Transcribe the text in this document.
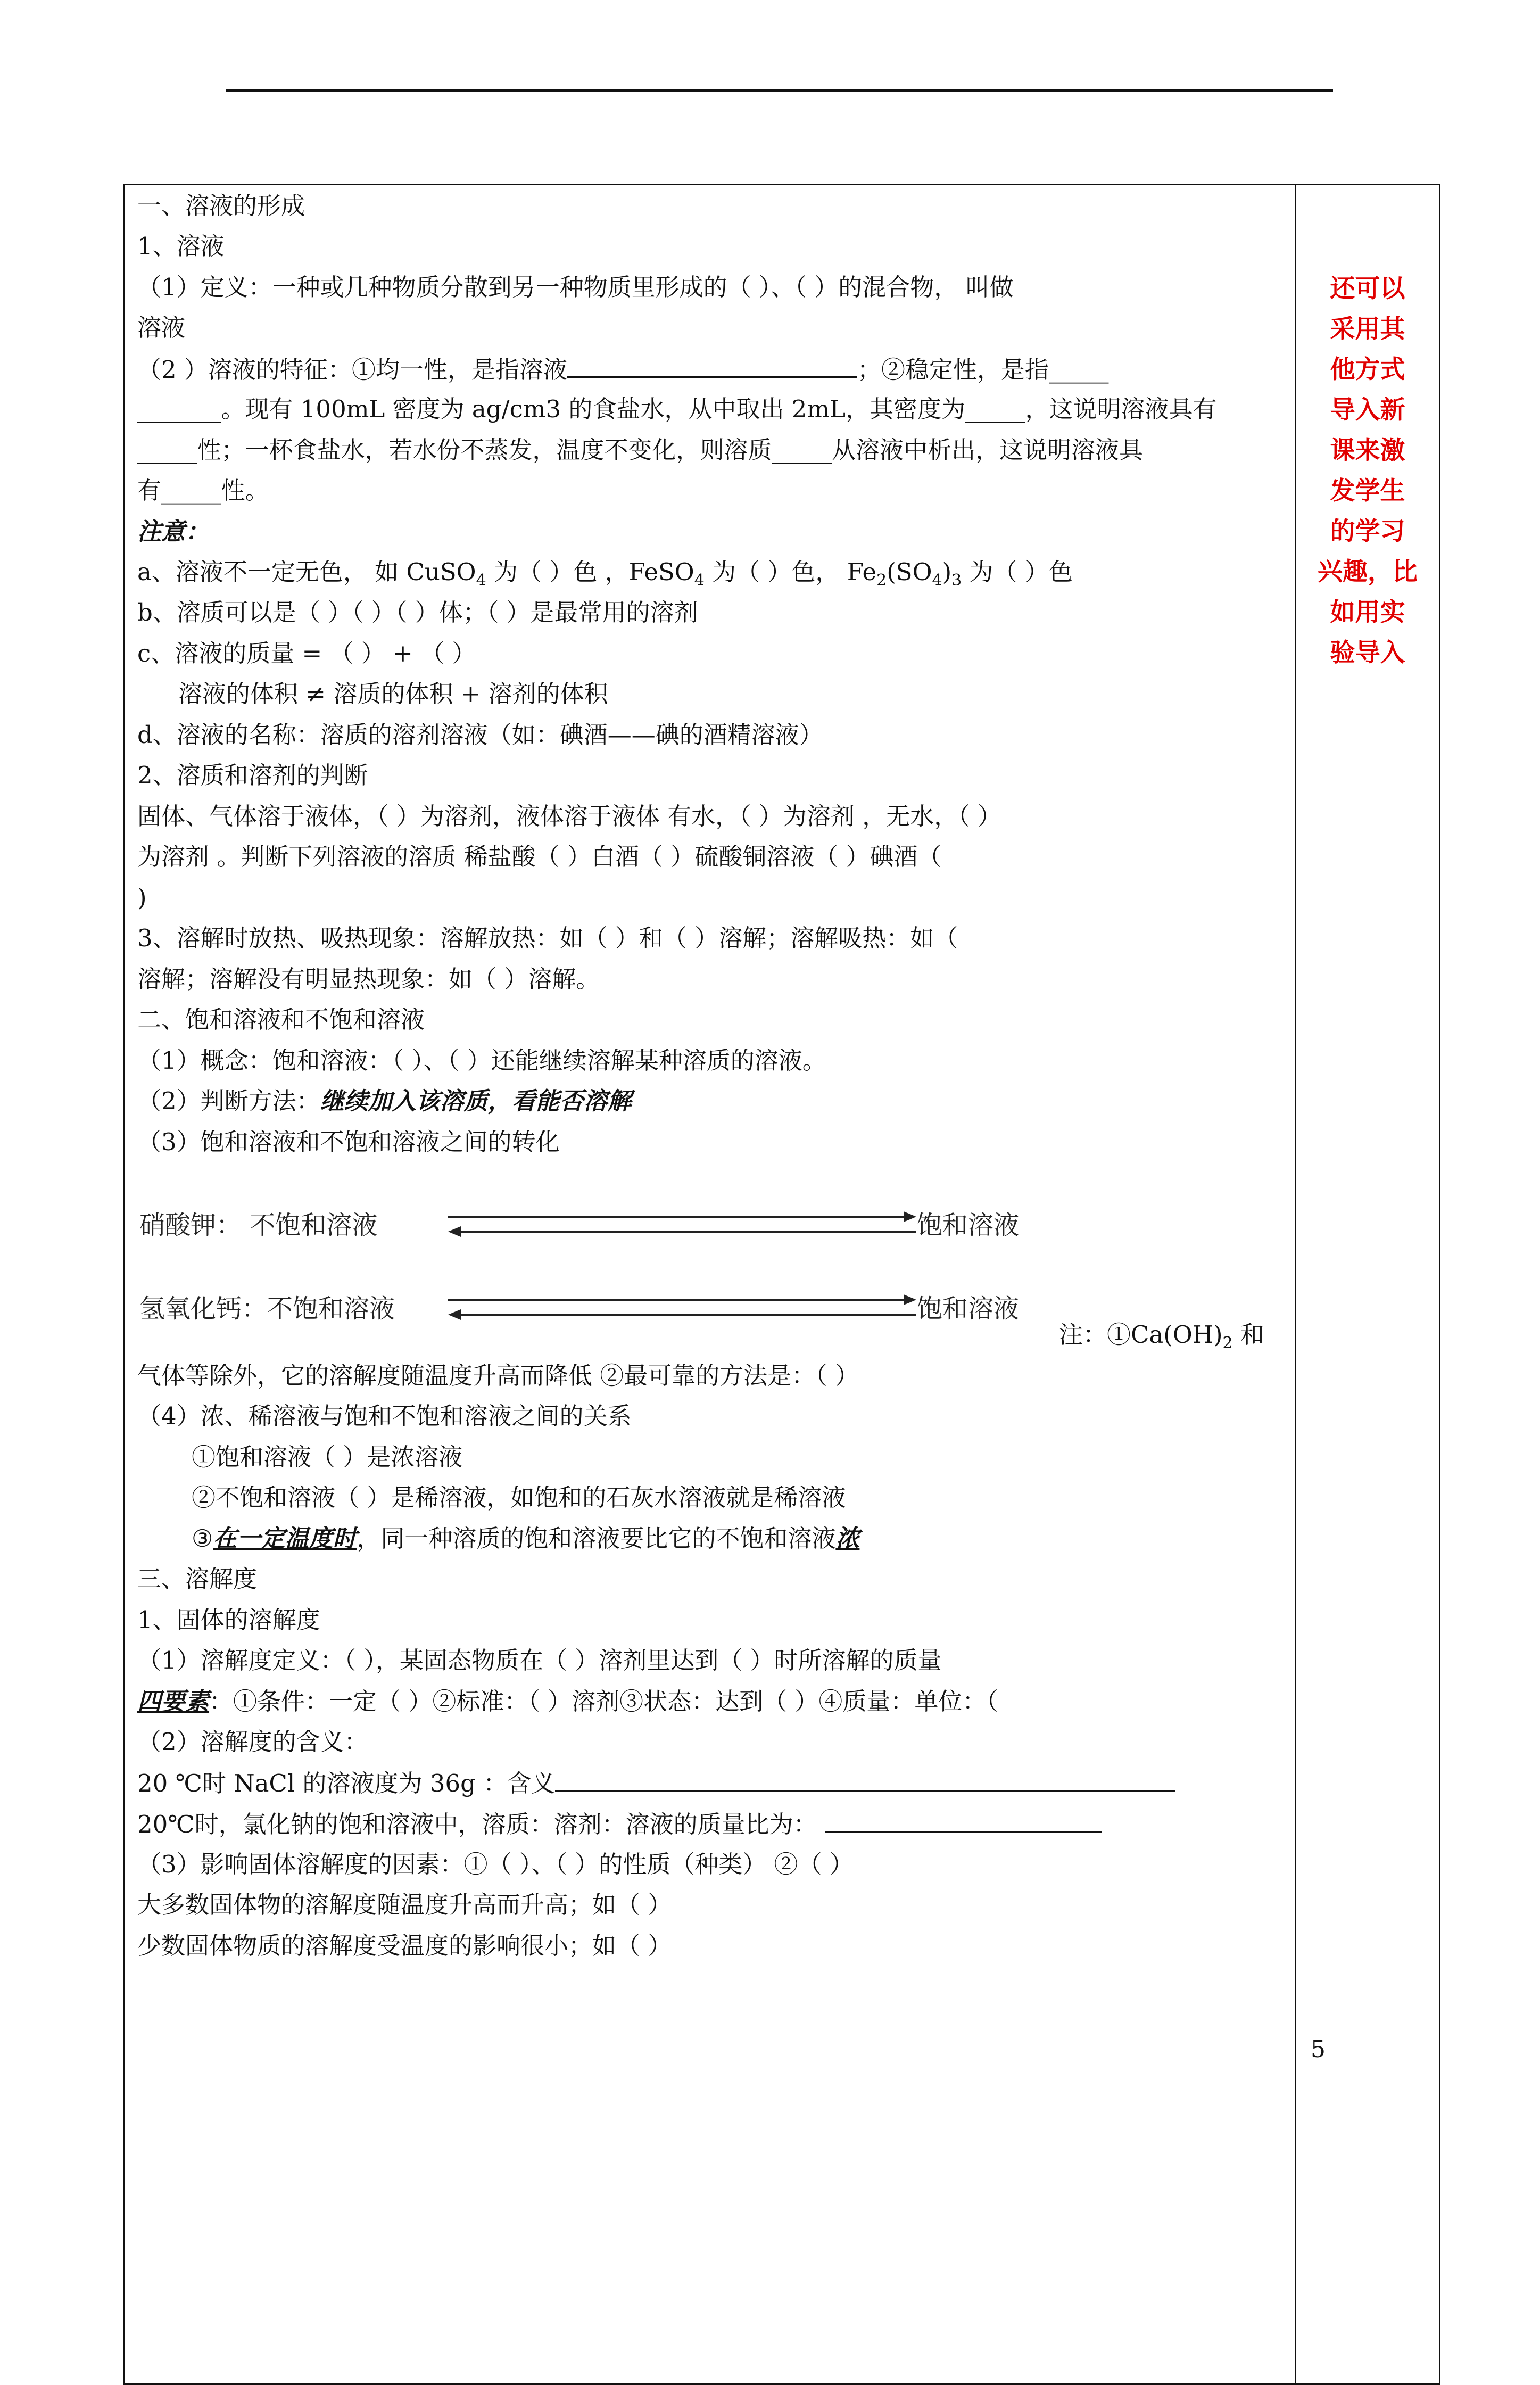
还可以
采用其
他方式
导入新
课来激
发学生
的学习
兴趣，比
如用实
验导入
一、溶液的形成
1、溶液
（1）定义：一种或几种物质分散到另一种物质里形成的（ ）、（ ）的混合物， 叫做
溶液
（2 ）溶液的特征：①均一性，是指溶液	；②稳定性，是指_____
_______。现有 100mL 密度为 ag/cm3 的食盐水，从中取出 2mL，其密度为_____，这说明溶液具有
_____性；一杯食盐水，若水份不蒸发，温度不变化，则溶质_____从溶液中析出，这说明溶液具
有_____性。
注意：
a、溶液不一定无色， 如 CuSO$_4$ 为（ ）色 ，FeSO$_4$ 为（ ）色， $Fe_2(SO_4)_3$ 为（ ）色
b、溶质可以是（ ）（ ）（ ）体；（ ）是最常用的溶剂
c、溶液的质量 = （ ） + （ ）
溶液的体积 ≠ 溶质的体积 + 溶剂的体积
d、溶液的名称：溶质的溶剂溶液（如：碘酒——碘的酒精溶液）
2、溶质和溶剂的判断
固体、气体溶于液体，（ ）为溶剂，液体溶于液体 有水，（ ）为溶剂 ，无水，（ ）
为溶剂 。判断下列溶液的溶质 稀盐酸（ ）白酒（ ）硫酸铜溶液（ ）碘酒（
)
3、溶解时放热、吸热现象：溶解放热：如（ ）和（ ）溶解；溶解吸热：如（
溶解；溶解没有明显热现象：如（ ）溶解。
二、饱和溶液和不饱和溶液
（1）概念：饱和溶液：（ ）、（ ）还能继续溶解某种溶质的溶液。
（2）判断方法：继续加入该溶质，看能否溶解
（3）饱和溶液和不饱和溶液之间的转化
硝酸钾： 不饱和溶液	饱和溶液
氢氧化钙：不饱和溶液	饱和溶液
注：$①Ca(OH)_2$ 和
气体等除外，它的溶解度随温度升高而降低 ②最可靠的方法是：（ ）
（4）浓、稀溶液与饱和不饱和溶液之间的关系
①饱和溶液（ ）是浓溶液
②不饱和溶液（ ）是稀溶液，如饱和的石灰水溶液就是稀溶液
③在一定温度时，同一种溶质的饱和溶液要比它的不饱和溶液浓
三、溶解度
1、固体的溶解度
（1）溶解度定义：（ ），某固态物质在（ ）溶剂里达到（ ）时所溶解的质量
四要素：①条件：一定（ ）②标准：（ ）溶剂③状态：达到（ ）④质量：单位：（
（2）溶解度的含义：
20 ℃时 NaCl 的溶液度为 36g ：含义
20℃时，氯化钠的饱和溶液中，溶质：溶剂：溶液的质量比为：
（3）影响固体溶解度的因素：①（ ）、（ ）的性质（种类） ②（ ）
大多数固体物的溶解度随温度升高而升高；如（ ）
少数固体物质的溶解度受温度的影响很小；如（ ）
5
